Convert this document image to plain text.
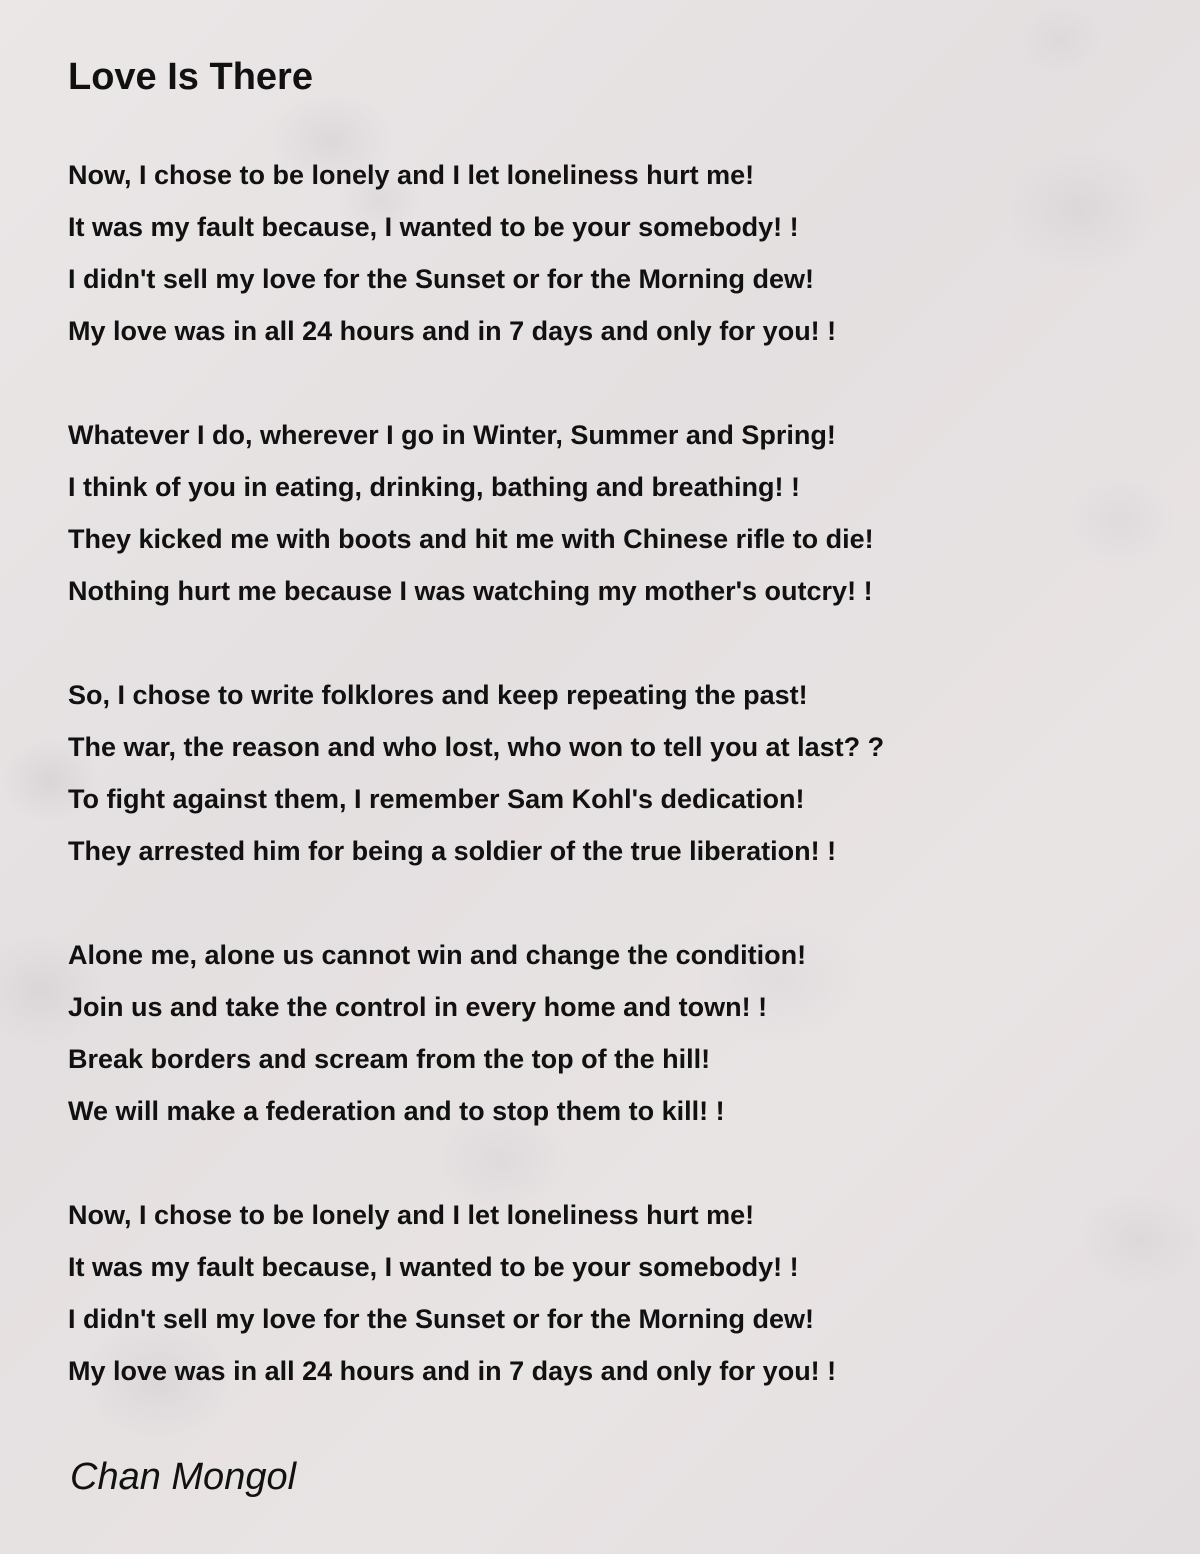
Love Is There
Now, I chose to be lonely and I let loneliness hurt me!
It was my fault because, I wanted to be your somebody! !
I didn't sell my love for the Sunset or for the Morning dew!
My love was in all 24 hours and in 7 days and only for you! !
Whatever I do, wherever I go in Winter, Summer and Spring!
I think of you in eating, drinking, bathing and breathing! !
They kicked me with boots and hit me with Chinese rifle to die!
Nothing hurt me because I was watching my mother's outcry! !
So, I chose to write folklores and keep repeating the past!
The war, the reason and who lost, who won to tell you at last? ?
To fight against them, I remember Sam Kohl's dedication!
They arrested him for being a soldier of the true liberation! !
Alone me, alone us cannot win and change the condition!
Join us and take the control in every home and town! !
Break borders and scream from the top of the hill!
We will make a federation and to stop them to kill! !
Now, I chose to be lonely and I let loneliness hurt me!
It was my fault because, I wanted to be your somebody! !
I didn't sell my love for the Sunset or for the Morning dew!
My love was in all 24 hours and in 7 days and only for you! !
Chan Mongol
